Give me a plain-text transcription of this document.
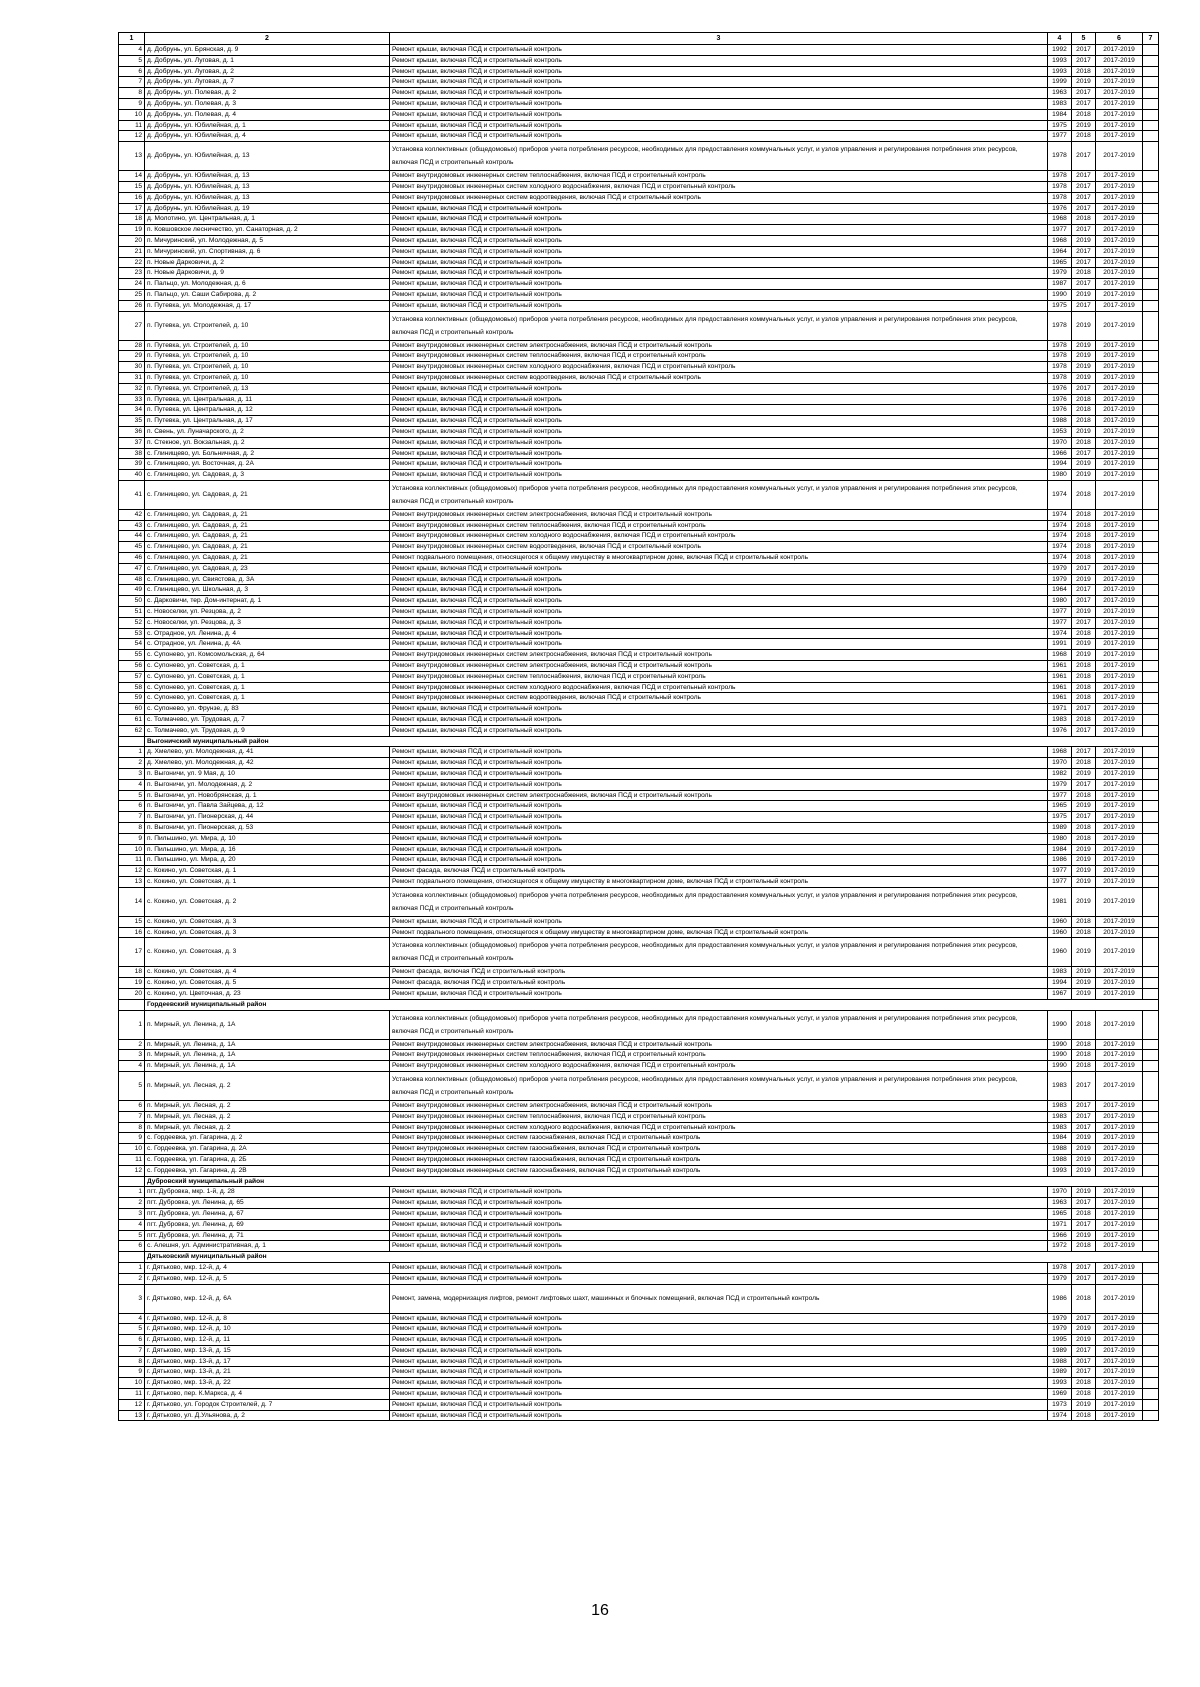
1	2	3	4	5	6	7
4	д. Добрунь, ул. Брянская, д. 9	Ремонт крыши, включая ПСД и строительный контроль	1992	2017	2017-2019	
5	д. Добрунь, ул. Луговая, д. 1	Ремонт крыши, включая ПСД и строительный контроль	1993	2017	2017-2019	
6	д. Добрунь, ул. Луговая, д. 2	Ремонт крыши, включая ПСД и строительный контроль	1993	2018	2017-2019	
7	д. Добрунь, ул. Луговая, д. 7	Ремонт крыши, включая ПСД и строительный контроль	1999	2019	2017-2019	
8	д. Добрунь, ул. Полевая, д. 2	Ремонт крыши, включая ПСД и строительный контроль	1963	2017	2017-2019	
9	д. Добрунь, ул. Полевая, д. 3	Ремонт крыши, включая ПСД и строительный контроль	1983	2017	2017-2019	
10	д. Добрунь, ул. Полевая, д. 4	Ремонт крыши, включая ПСД и строительный контроль	1984	2018	2017-2019	
11	д. Добрунь, ул. Юбилейная, д. 1	Ремонт крыши, включая ПСД и строительный контроль	1975	2019	2017-2019	
12	д. Добрунь, ул. Юбилейная, д. 4	Ремонт крыши, включая ПСД и строительный контроль	1977	2018	2017-2019	
13	д. Добрунь, ул. Юбилейная, д. 13	Установка коллективных (общедомовых) приборов учета потребления ресурсов, необходимых для предоставления коммунальных услуг, и узлов управления и регулирования потребления этих ресурсов, включая ПСД и строительный контроль	1978	2017	2017-2019	
14	д. Добрунь, ул. Юбилейная, д. 13	Ремонт внутридомовых инженерных систем теплоснабжения, включая ПСД и строительный контроль	1978	2017	2017-2019	
15	д. Добрунь, ул. Юбилейная, д. 13	Ремонт внутридомовых инженерных систем холодного водоснабжения, включая ПСД и строительный контроль	1978	2017	2017-2019	
16	д. Добрунь, ул. Юбилейная, д. 13	Ремонт внутридомовых инженерных систем водоотведения, включая ПСД и строительный контроль	1978	2017	2017-2019	
17	д. Добрунь, ул. Юбилейная, д. 19	Ремонт крыши, включая ПСД и строительный контроль	1976	2017	2017-2019	
18	д. Молотино, ул. Центральная, д. 1	Ремонт крыши, включая ПСД и строительный контроль	1968	2018	2017-2019	
19	п. Ковшовское лесничество, ул. Санаторная, д. 2	Ремонт крыши, включая ПСД и строительный контроль	1977	2017	2017-2019	
20	п. Мичуринский, ул. Молодежная, д. 5	Ремонт крыши, включая ПСД и строительный контроль	1968	2019	2017-2019	
21	п. Мичуринский, ул. Спортивная, д. 6	Ремонт крыши, включая ПСД и строительный контроль	1964	2017	2017-2019	
22	п. Новые Дарковичи, д. 2	Ремонт крыши, включая ПСД и строительный контроль	1965	2017	2017-2019	
23	п. Новые Дарковичи, д. 9	Ремонт крыши, включая ПСД и строительный контроль	1979	2018	2017-2019	
24	п. Пальцо, ул. Молодежная, д. 6	Ремонт крыши, включая ПСД и строительный контроль	1987	2017	2017-2019	
25	п. Пальцо, ул. Саши Сабирова, д. 2	Ремонт крыши, включая ПСД и строительный контроль	1990	2019	2017-2019	
26	п. Путевка, ул. Молодежная, д. 17	Ремонт крыши, включая ПСД и строительный контроль	1975	2017	2017-2019	
27	п. Путевка, ул. Строителей, д. 10	Установка коллективных (общедомовых) приборов учета потребления ресурсов, необходимых для предоставления коммунальных услуг, и узлов управления и регулирования потребления этих ресурсов, включая ПСД и строительный контроль	1978	2019	2017-2019	
28	п. Путевка, ул. Строителей, д. 10	Ремонт внутридомовых инженерных систем электроснабжения, включая ПСД и строительный контроль	1978	2019	2017-2019	
29	п. Путевка, ул. Строителей, д. 10	Ремонт внутридомовых инженерных систем теплоснабжения, включая ПСД и строительный контроль	1978	2019	2017-2019	
30	п. Путевка, ул. Строителей, д. 10	Ремонт внутридомовых инженерных систем холодного водоснабжения, включая ПСД и строительный контроль	1978	2019	2017-2019	
31	п. Путевка, ул. Строителей, д. 10	Ремонт внутридомовых инженерных систем водоотведения, включая ПСД и строительный контроль	1978	2019	2017-2019	
32	п. Путевка, ул. Строителей, д. 13	Ремонт крыши, включая ПСД и строительный контроль	1976	2017	2017-2019	
33	п. Путевка, ул. Центральная, д. 11	Ремонт крыши, включая ПСД и строительный контроль	1976	2018	2017-2019	
34	п. Путевка, ул. Центральная, д. 12	Ремонт крыши, включая ПСД и строительный контроль	1976	2018	2017-2019	
35	п. Путевка, ул. Центральная, д. 17	Ремонт крыши, включая ПСД и строительный контроль	1988	2018	2017-2019	
36	п. Свень, ул. Луначарского, д. 2	Ремонт крыши, включая ПСД и строительный контроль	1953	2019	2017-2019	
37	п. Стекное, ул. Вокзальная, д. 2	Ремонт крыши, включая ПСД и строительный контроль	1970	2018	2017-2019	
38	с. Глинищево, ул. Больничная, д. 2	Ремонт крыши, включая ПСД и строительный контроль	1966	2017	2017-2019	
39	с. Глинищево, ул. Восточная, д. 2А	Ремонт крыши, включая ПСД и строительный контроль	1994	2019	2017-2019	
40	с. Глинищево, ул. Садовая, д. 3	Ремонт крыши, включая ПСД и строительный контроль	1980	2019	2017-2019	
41	с. Глинищево, ул. Садовая, д. 21	Установка коллективных (общедомовых) приборов учета потребления ресурсов, необходимых для предоставления коммунальных услуг, и узлов управления и регулирования потребления этих ресурсов, включая ПСД и строительный контроль	1974	2018	2017-2019	
42	с. Глинищево, ул. Садовая, д. 21	Ремонт внутридомовых инженерных систем электроснабжения, включая ПСД и строительный контроль	1974	2018	2017-2019	
43	с. Глинищево, ул. Садовая, д. 21	Ремонт внутридомовых инженерных систем теплоснабжения, включая ПСД и строительный контроль	1974	2018	2017-2019	
44	с. Глинищево, ул. Садовая, д. 21	Ремонт внутридомовых инженерных систем холодного водоснабжения, включая ПСД и строительный контроль	1974	2018	2017-2019	
45	с. Глинищево, ул. Садовая, д. 21	Ремонт внутридомовых инженерных систем водоотведения, включая ПСД и строительный контроль	1974	2018	2017-2019	
46	с. Глинищево, ул. Садовая, д. 21	Ремонт подвального помещения, относящегося к общему имуществу в многоквартирном доме, включая ПСД и строительный контроль	1974	2018	2017-2019	
47	с. Глинищево, ул. Садовая, д. 23	Ремонт крыши, включая ПСД и строительный контроль	1979	2017	2017-2019	
48	с. Глинищево, ул. Свиястова, д. 3А	Ремонт крыши, включая ПСД и строительный контроль	1979	2019	2017-2019	
49	с. Глинищево, ул. Школьная, д. 3	Ремонт крыши, включая ПСД и строительный контроль	1964	2017	2017-2019	
50	с. Дарковичи, тер. Дом-интернат, д. 1	Ремонт крыши, включая ПСД и строительный контроль	1980	2017	2017-2019	
51	с. Новоселки, ул. Резцова, д. 2	Ремонт крыши, включая ПСД и строительный контроль	1977	2019	2017-2019	
52	с. Новоселки, ул. Резцова, д. 3	Ремонт крыши, включая ПСД и строительный контроль	1977	2017	2017-2019	
53	с. Отрадное, ул. Ленина, д. 4	Ремонт крыши, включая ПСД и строительный контроль	1974	2018	2017-2019	
54	с. Отрадное, ул. Ленина, д. 4А	Ремонт крыши, включая ПСД и строительный контроль	1991	2019	2017-2019	
55	с. Супонево, ул. Комсомольская, д. 64	Ремонт внутридомовых инженерных систем электроснабжения, включая ПСД и строительный контроль	1968	2019	2017-2019	
56	с. Супонево, ул. Советская, д. 1	Ремонт внутридомовых инженерных систем электроснабжения, включая ПСД и строительный контроль	1961	2018	2017-2019	
57	с. Супонево, ул. Советская, д. 1	Ремонт внутридомовых инженерных систем теплоснабжения, включая ПСД и строительный контроль	1961	2018	2017-2019	
58	с. Супонево, ул. Советская, д. 1	Ремонт внутридомовых инженерных систем холодного водоснабжения, включая ПСД и строительный контроль	1961	2018	2017-2019	
59	с. Супонево, ул. Советская, д. 1	Ремонт внутридомовых инженерных систем водоотведения, включая ПСД и строительный контроль	1961	2018	2017-2019	
60	с. Супонево, ул. Фрунзе, д. 83	Ремонт крыши, включая ПСД и строительный контроль	1971	2017	2017-2019	
61	с. Толмачево, ул. Трудовая, д. 7	Ремонт крыши, включая ПСД и строительный контроль	1983	2018	2017-2019	
62	с. Толмачево, ул. Трудовая, д. 9	Ремонт крыши, включая ПСД и строительный контроль	1976	2017	2017-2019	
	Выгоничский муниципальный район					
1	д. Хмелево, ул. Молодежная, д. 41	Ремонт крыши, включая ПСД и строительный контроль	1968	2017	2017-2019	
2	д. Хмелево, ул. Молодежная, д. 42	Ремонт крыши, включая ПСД и строительный контроль	1970	2018	2017-2019	
3	п. Выгоничи, ул. 9 Мая, д. 10	Ремонт крыши, включая ПСД и строительный контроль	1982	2019	2017-2019	
4	п. Выгоничи, ул. Молодежная, д. 2	Ремонт крыши, включая ПСД и строительный контроль	1979	2017	2017-2019	
5	п. Выгоничи, ул. Новобрянская, д. 1	Ремонт внутридомовых инженерных систем электроснабжения, включая ПСД и строительный контроль	1977	2018	2017-2019	
6	п. Выгоничи, ул. Павла Зайцева, д. 12	Ремонт крыши, включая ПСД и строительный контроль	1965	2019	2017-2019	
7	п. Выгоничи, ул. Пионерская, д. 44	Ремонт крыши, включая ПСД и строительный контроль	1975	2017	2017-2019	
8	п. Выгоничи, ул. Пионерская, д. 53	Ремонт крыши, включая ПСД и строительный контроль	1989	2018	2017-2019	
9	п. Пильшино, ул. Мира, д. 10	Ремонт крыши, включая ПСД и строительный контроль	1980	2018	2017-2019	
10	п. Пильшино, ул. Мира, д. 16	Ремонт крыши, включая ПСД и строительный контроль	1984	2019	2017-2019	
11	п. Пильшино, ул. Мира, д. 20	Ремонт крыши, включая ПСД и строительный контроль	1986	2019	2017-2019	
12	с. Кокино, ул. Советская, д. 1	Ремонт фасада, включая ПСД и строительный контроль	1977	2019	2017-2019	
13	с. Кокино, ул. Советская, д. 1	Ремонт подвального помещения, относящегося к общему имуществу в многоквартирном доме, включая ПСД и строительный контроль	1977	2019	2017-2019	
14	с. Кокино, ул. Советская, д. 2	Установка коллективных (общедомовых) приборов учета потребления ресурсов, необходимых для предоставления коммунальных услуг, и узлов управления и регулирования потребления этих ресурсов, включая ПСД и строительный контроль	1981	2019	2017-2019	
15	с. Кокино, ул. Советская, д. 3	Ремонт крыши, включая ПСД и строительный контроль	1960	2018	2017-2019	
16	с. Кокино, ул. Советская, д. 3	Ремонт подвального помещения, относящегося к общему имуществу в многоквартирном доме, включая ПСД и строительный контроль	1960	2018	2017-2019	
17	с. Кокино, ул. Советская, д. 3	Установка коллективных (общедомовых) приборов учета потребления ресурсов, необходимых для предоставления коммунальных услуг, и узлов управления и регулирования потребления этих ресурсов, включая ПСД и строительный контроль	1960	2019	2017-2019	
18	с. Кокино, ул. Советская, д. 4	Ремонт фасада, включая ПСД и строительный контроль	1983	2019	2017-2019	
19	с. Кокино, ул. Советская, д. 5	Ремонт фасада, включая ПСД и строительный контроль	1994	2019	2017-2019	
20	с. Кокино, ул. Цветочная, д. 23	Ремонт крыши, включая ПСД и строительный контроль	1967	2019	2017-2019	
	Гордеевский муниципальный район					
1	п. Мирный, ул. Ленина, д. 1А	Установка коллективных (общедомовых) приборов учета потребления ресурсов, необходимых для предоставления коммунальных услуг, и узлов управления и регулирования потребления этих ресурсов, включая ПСД и строительный контроль	1990	2018	2017-2019	
2	п. Мирный, ул. Ленина, д. 1А	Ремонт внутридомовых инженерных систем электроснабжения, включая ПСД и строительный контроль	1990	2018	2017-2019	
3	п. Мирный, ул. Ленина, д. 1А	Ремонт внутридомовых инженерных систем теплоснабжения, включая ПСД и строительный контроль	1990	2018	2017-2019	
4	п. Мирный, ул. Ленина, д. 1А	Ремонт внутридомовых инженерных систем холодного водоснабжения, включая ПСД и строительный контроль	1990	2018	2017-2019	
5	п. Мирный, ул. Лесная, д. 2	Установка коллективных (общедомовых) приборов учета потребления ресурсов, необходимых для предоставления коммунальных услуг, и узлов управления и регулирования потребления этих ресурсов, включая ПСД и строительный контроль	1983	2017	2017-2019	
6	п. Мирный, ул. Лесная, д. 2	Ремонт внутридомовых инженерных систем электроснабжения, включая ПСД и строительный контроль	1983	2017	2017-2019	
7	п. Мирный, ул. Лесная, д. 2	Ремонт внутридомовых инженерных систем теплоснабжения, включая ПСД и строительный контроль	1983	2017	2017-2019	
8	п. Мирный, ул. Лесная, д. 2	Ремонт внутридомовых инженерных систем холодного водоснабжения, включая ПСД и строительный контроль	1983	2017	2017-2019	
9	с. Гордеевка, ул. Гагарина, д. 2	Ремонт внутридомовых инженерных систем газоснабжения, включая ПСД и строительный контроль	1984	2019	2017-2019	
10	с. Гордеевка, ул. Гагарина, д. 2А	Ремонт внутридомовых инженерных систем газоснабжения, включая ПСД и строительный контроль	1988	2019	2017-2019	
11	с. Гордеевка, ул. Гагарина, д. 2Б	Ремонт внутридомовых инженерных систем газоснабжения, включая ПСД и строительный контроль	1988	2019	2017-2019	
12	с. Гордеевка, ул. Гагарина, д. 2В	Ремонт внутридомовых инженерных систем газоснабжения, включая ПСД и строительный контроль	1993	2019	2017-2019	
	Дубровский муниципальный район					
1	пгт. Дубровка, мкр. 1-й, д. 28	Ремонт крыши, включая ПСД и строительный контроль	1970	2019	2017-2019	
2	пгт. Дубровка, ул. Ленина, д. 65	Ремонт крыши, включая ПСД и строительный контроль	1963	2017	2017-2019	
3	пгт. Дубровка, ул. Ленина, д. 67	Ремонт крыши, включая ПСД и строительный контроль	1965	2018	2017-2019	
4	пгт. Дубровка, ул. Ленина, д. 69	Ремонт крыши, включая ПСД и строительный контроль	1971	2017	2017-2019	
5	пгт. Дубровка, ул. Ленина, д. 71	Ремонт крыши, включая ПСД и строительный контроль	1966	2019	2017-2019	
6	с. Алешня, ул. Административная, д. 1	Ремонт крыши, включая ПСД и строительный контроль	1972	2018	2017-2019	
	Дятьковский муниципальный район					
1	г. Дятьково, мкр. 12-й, д. 4	Ремонт крыши, включая ПСД и строительный контроль	1978	2017	2017-2019	
2	г. Дятьково, мкр. 12-й, д. 5	Ремонт крыши, включая ПСД и строительный контроль	1979	2017	2017-2019	
3	г. Дятьково, мкр. 12-й, д. 6А	Ремонт, замена, модернизация лифтов, ремонт лифтовых шахт, машинных и блочных помещений, включая ПСД и строительный контроль	1986	2018	2017-2019	
4	г. Дятьково, мкр. 12-й, д. 8	Ремонт крыши, включая ПСД и строительный контроль	1979	2017	2017-2019	
5	г. Дятьково, мкр. 12-й, д. 10	Ремонт крыши, включая ПСД и строительный контроль	1979	2019	2017-2019	
6	г. Дятьково, мкр. 12-й, д. 11	Ремонт крыши, включая ПСД и строительный контроль	1995	2019	2017-2019	
7	г. Дятьково, мкр. 13-й, д. 15	Ремонт крыши, включая ПСД и строительный контроль	1989	2017	2017-2019	
8	г. Дятьково, мкр. 13-й, д. 17	Ремонт крыши, включая ПСД и строительный контроль	1988	2017	2017-2019	
9	г. Дятьково, мкр. 13-й, д. 21	Ремонт крыши, включая ПСД и строительный контроль	1989	2017	2017-2019	
10	г. Дятьково, мкр. 13-й, д. 22	Ремонт крыши, включая ПСД и строительный контроль	1993	2018	2017-2019	
11	г. Дятьково, пер. К.Маркса, д. 4	Ремонт крыши, включая ПСД и строительный контроль	1969	2018	2017-2019	
12	г. Дятьково, ул. Городок Строителей, д. 7	Ремонт крыши, включая ПСД и строительный контроль	1973	2019	2017-2019	
13	г. Дятьково, ул. Д.Ульянова, д. 2	Ремонт крыши, включая ПСД и строительный контроль	1974	2018	2017-2019	
16
